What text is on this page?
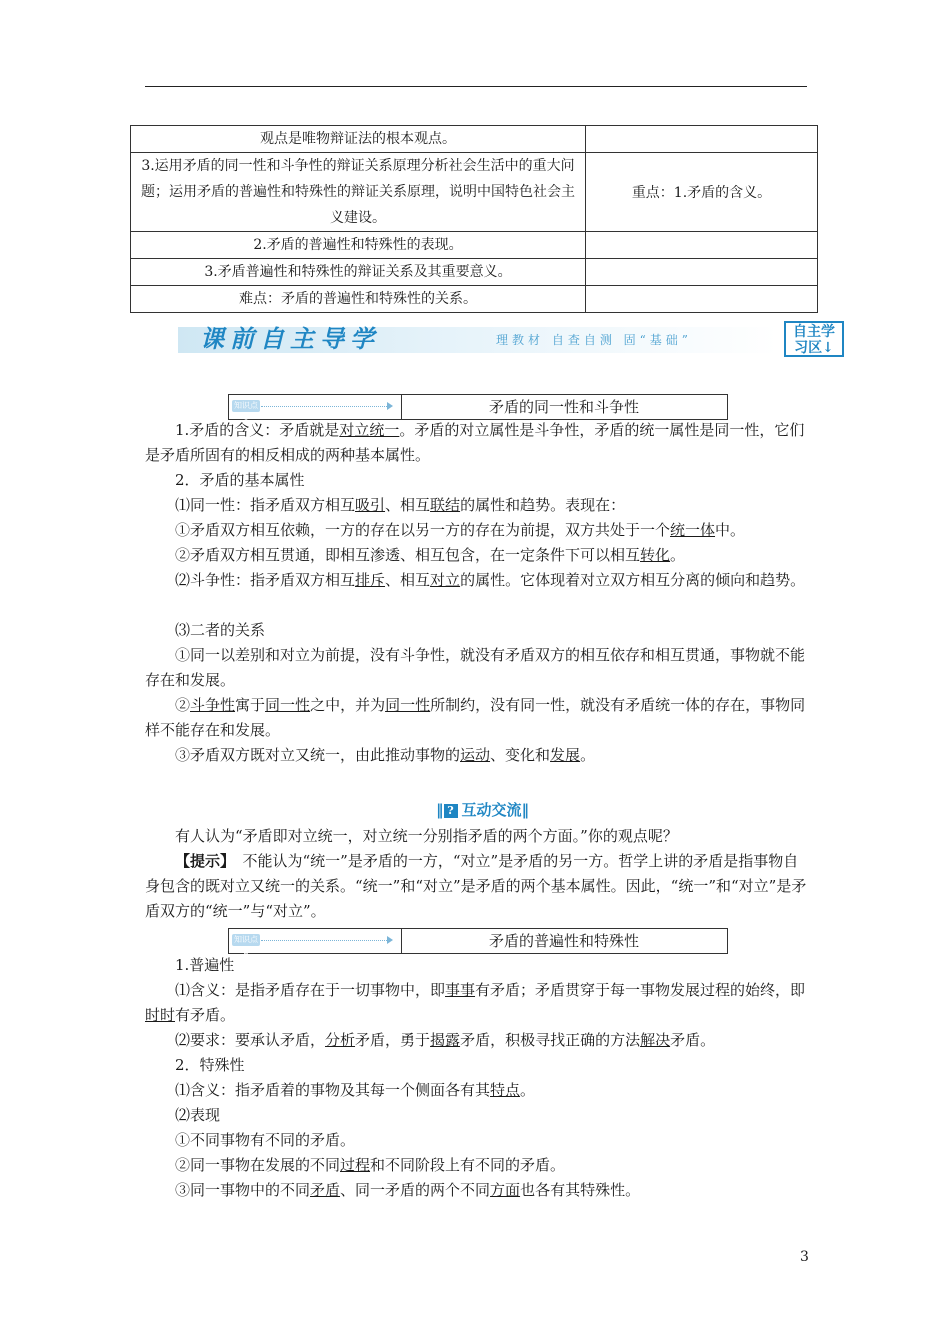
观点是唯物辩证法的根本观点。	
3.运用矛盾的同一性和斗争性的辩证关系原理分析社会生活中的重大问题；运用矛盾的普遍性和特殊性的辩证关系原理，说明中国特色社会主义建设。	重点：1.矛盾的含义。
2.矛盾的普遍性和特殊性的表现。	
3.矛盾普遍性和特殊性的辩证关系及其重要意义。	
难点：矛盾的普遍性和特殊性的关系。	
课前自主导学	理教材 自查自测 固“基础”	自主学
习区↓
知识点1
矛盾的同一性和斗争性
1.矛盾的含义：矛盾就是对立统一。矛盾的对立属性是斗争性，矛盾的统一属性是同一性，它们是矛盾所固有的相反相成的两种基本属性。
2．矛盾的基本属性
⑴同一性：指矛盾双方相互吸引、相互联结的属性和趋势。表现在：
①矛盾双方相互依赖，一方的存在以另一方的存在为前提，双方共处于一个统一体中。
②矛盾双方相互贯通，即相互渗透、相互包含，在一定条件下可以相互转化。
⑵斗争性：指矛盾双方相互排斥、相互对立的属性。它体现着对立双方相互分离的倾向和趋势。
⑶二者的关系
①同一以差别和对立为前提，没有斗争性，就没有矛盾双方的相互依存和相互贯通，事物就不能存在和发展。
②斗争性寓于同一性之中，并为同一性所制约，没有同一性，就没有矛盾统一体的存在，事物同样不能存在和发展。
③矛盾双方既对立又统一，由此推动事物的运动、变化和发展。
‖ ? 互动交流‖
有人认为“矛盾即对立统一，对立统一分别指矛盾的两个方面。”你的观点呢？
【提示】　不能认为“统一”是矛盾的一方，“对立”是矛盾的另一方。哲学上讲的矛盾是指事物自身包含的既对立又统一的关系。“统一”和“对立”是矛盾的两个基本属性。因此，“统一”和“对立”是矛盾双方的“统一”与“对立”。
知识点2
矛盾的普遍性和特殊性
1.普遍性
⑴含义：是指矛盾存在于一切事物中，即事事有矛盾；矛盾贯穿于每一事物发展过程的始终，即时时有矛盾。
⑵要求：要承认矛盾，分析矛盾，勇于揭露矛盾，积极寻找正确的方法解决矛盾。
2．特殊性
⑴含义：指矛盾着的事物及其每一个侧面各有其特点。
⑵表现
①不同事物有不同的矛盾。
②同一事物在发展的不同过程和不同阶段上有不同的矛盾。
③同一事物中的不同矛盾、同一矛盾的两个不同方面也各有其特殊性。
3
